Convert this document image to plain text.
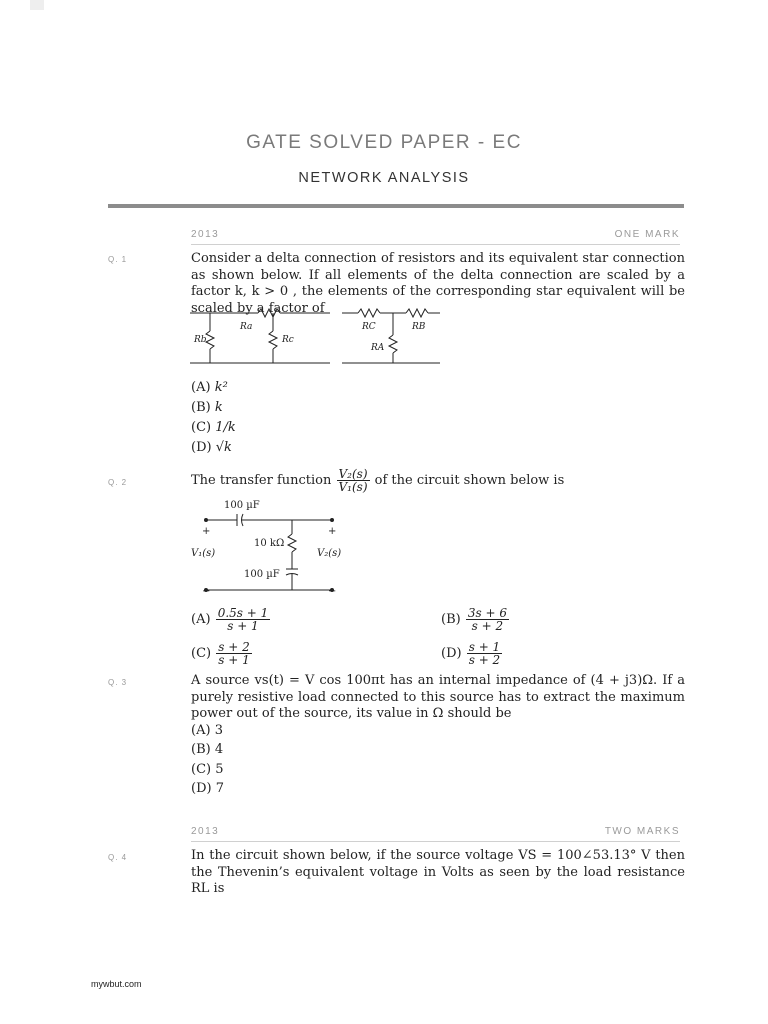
GATE SOLVED PAPER - EC
NETWORK ANALYSIS
2013	ONE MARK
Q. 1	Consider a delta connection of resistors and its equivalent star connection as shown below. If all elements of the delta connection are scaled by a factor k, k > 0 , the elements of the corresponding star equivalent will be scaled by a factor of
Ra
Rb	Rc
RC	RB
RA
(A) k²
(B) k
(C) 1/k
(D) √k
Q. 2	The transfer function $\frac{\text{V₂(s)}}{\text{V₁(s)}}$ of the circuit shown below is
100 µF
10 kΩ
100 µF
+	+
−	−
V₁(s)	V₂(s)
$(A) \frac{0.5s + 1}{s + 1}$	$(B) \frac{3s + 6}{s + 2}$
$(C) \frac{s + 2}{s + 1}$	$(D) \frac{s + 1}{s + 2}$
Q. 3	A source vs(t) = V cos 100πt has an internal impedance of (4 + j3)Ω. If a purely resistive load connected to this source has to extract the maximum power out of the source, its value in Ω should be
(A) 3
(B) 4
(C) 5
(D) 7
2013	TWO MARKS
Q. 4	In the circuit shown below, if the source voltage VS = 100∠53.13° V then the Thevenin’s equivalent voltage in Volts as seen by the load resistance RL is
mywbut.com
